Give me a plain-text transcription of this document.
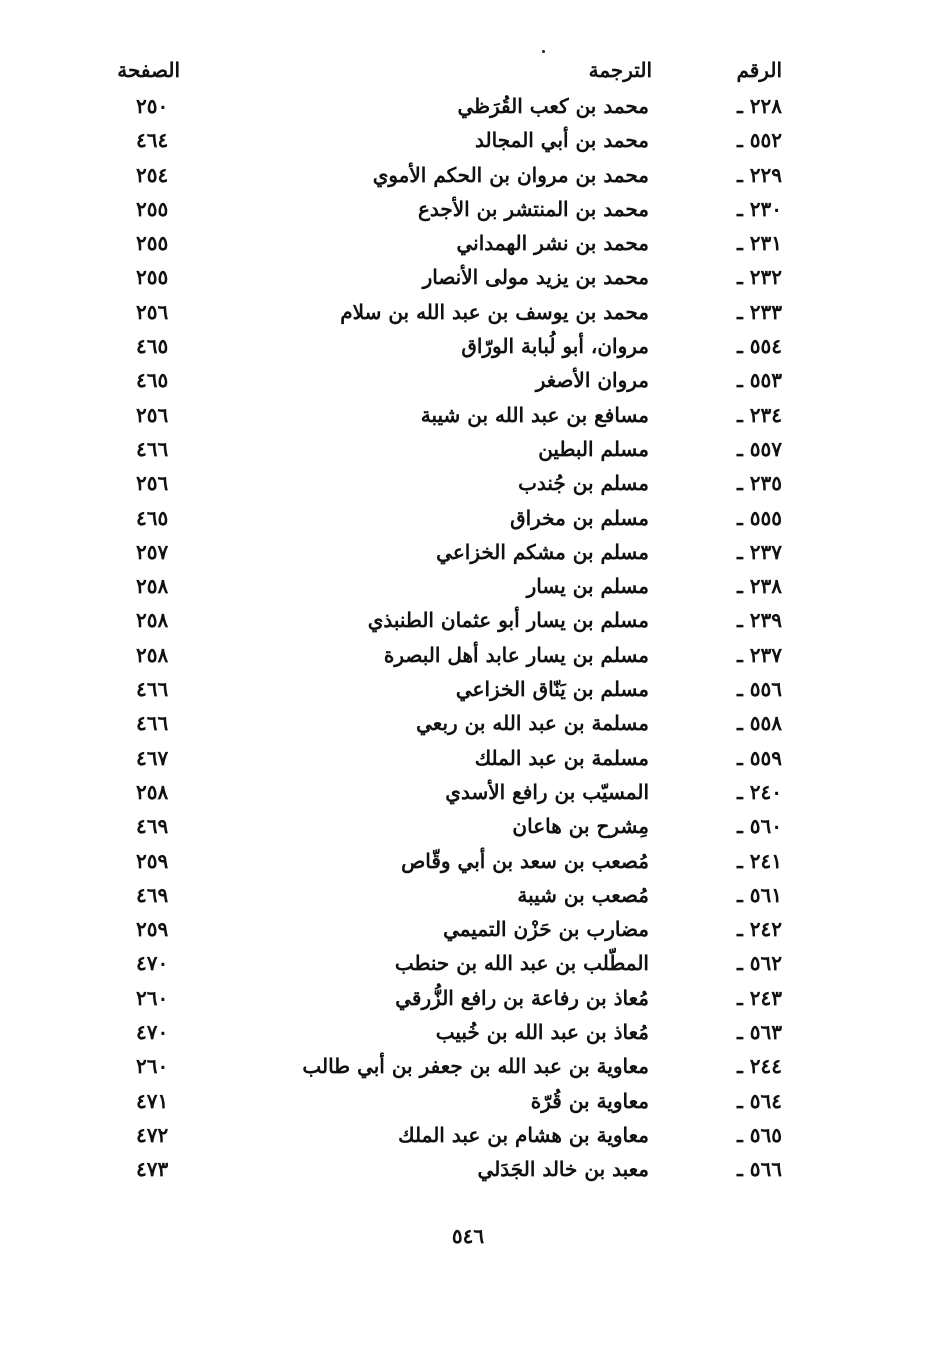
الرقم
الترجمة
الصفحة
٢٢٨ ـ
محمد بن كعب القُرَظي
٢٥٠
٥٥٢ ـ
محمد بن أبي المجالد
٤٦٤
٢٢٩ ـ
محمد بن مروان بن الحكم الأموي
٢٥٤
٢٣٠ ـ
محمد بن المنتشر بن الأجدع
٢٥٥
٢٣١ ـ
محمد بن نشر الهمداني
٢٥٥
٢٣٢ ـ
محمد بن يزيد مولى الأنصار
٢٥٥
٢٣٣ ـ
محمد بن يوسف بن عبد الله بن سلام
٢٥٦
٥٥٤ ـ
مروان، أبو لُبابة الورّاق
٤٦٥
٥٥٣ ـ
مروان الأصغر
٤٦٥
٢٣٤ ـ
مسافع بن عبد الله بن شيبة
٢٥٦
٥٥٧ ـ
مسلم البطين
٤٦٦
٢٣٥ ـ
مسلم بن جُندب
٢٥٦
٥٥٥ ـ
مسلم بن مخراق
٤٦٥
٢٣٧ ـ
مسلم بن مشكم الخزاعي
٢٥٧
٢٣٨ ـ
مسلم بن يسار
٢٥٨
٢٣٩ ـ
مسلم بن يسار أبو عثمان الطنبذي
٢٥٨
٢٣٧ ـ
مسلم بن يسار عابد أهل البصرة
٢٥٨
٥٥٦ ـ
مسلم بن يَنّاق الخزاعي
٤٦٦
٥٥٨ ـ
مسلمة بن عبد الله بن ربعي
٤٦٦
٥٥٩ ـ
مسلمة بن عبد الملك
٤٦٧
٢٤٠ ـ
المسيّب بن رافع الأسدي
٢٥٨
٥٦٠ ـ
مِشرح بن هاعان
٤٦٩
٢٤١ ـ
مُصعب بن سعد بن أبي وقّاص
٢٥٩
٥٦١ ـ
مُصعب بن شيبة
٤٦٩
٢٤٢ ـ
مضارب بن حَزْن التميمي
٢٥٩
٥٦٢ ـ
المطّلب بن عبد الله بن حنطب
٤٧٠
٢٤٣ ـ
مُعاذ بن رفاعة بن رافع الزُّرقي
٢٦٠
٥٦٣ ـ
مُعاذ بن عبد الله بن خُبيب
٤٧٠
٢٤٤ ـ
معاوية بن عبد الله بن جعفر بن أبي طالب
٢٦٠
٥٦٤ ـ
معاوية بن قُرّة
٤٧١
٥٦٥ ـ
معاوية بن هشام بن عبد الملك
٤٧٢
٥٦٦ ـ
معبد بن خالد الجَدَلي
٤٧٣
٥٤٦
